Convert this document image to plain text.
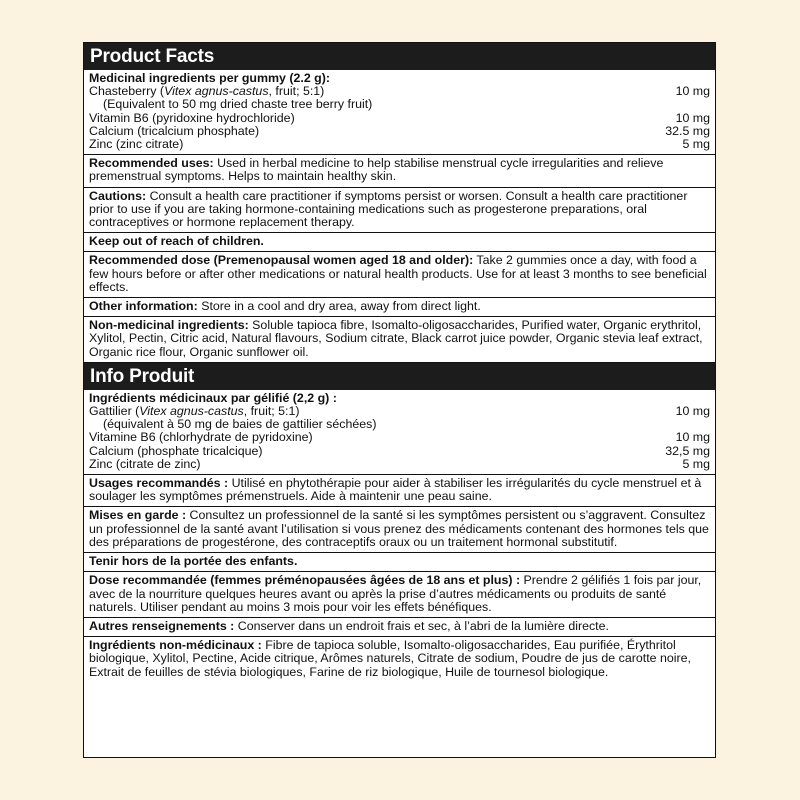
Product Facts
Medicinal ingredients per gummy (2.2 g):
Chasteberry (Vitex agnus-castus, fruit; 5:1)	10 mg
(Equivalent to 50 mg dried chaste tree berry fruit)
Vitamin B6 (pyridoxine hydrochloride)	10 mg
Calcium (tricalcium phosphate)	32.5 mg
Zinc (zinc citrate)	5 mg
Recommended uses: Used in herbal medicine to help stabilise menstrual cycle irregularities and relieve premenstrual symptoms. Helps to maintain healthy skin.
Cautions: Consult a health care practitioner if symptoms persist or worsen. Consult a health care practitioner prior to use if you are taking hormone-containing medications such as progesterone preparations, oral contraceptives or hormone replacement therapy.
Keep out of reach of children.
Recommended dose (Premenopausal women aged 18 and older): Take 2 gummies once a day, with food a few hours before or after other medications or natural health products. Use for at least 3 months to see beneficial effects.
Other information: Store in a cool and dry area, away from direct light.
Non-medicinal ingredients: Soluble tapioca fibre, Isomalto-oligosaccharides, Purified water, Organic erythritol, Xylitol, Pectin, Citric acid, Natural flavours, Sodium citrate, Black carrot juice powder, Organic stevia leaf extract, Organic rice flour, Organic sunflower oil.
Info Produit
Ingrédients médicinaux par gélifié (2,2 g) :
Gattilier (Vitex agnus-castus, fruit; 5:1)	10 mg
(équivalent à 50 mg de baies de gattilier séchées)
Vitamine B6 (chlorhydrate de pyridoxine)	10 mg
Calcium (phosphate tricalcique)	32,5 mg
Zinc (citrate de zinc)	5 mg
Usages recommandés : Utilisé en phytothérapie pour aider à stabiliser les irrégularités du cycle menstruel et à soulager les symptômes prémenstruels. Aide à maintenir une peau saine.
Mises en garde : Consultez un professionnel de la santé si les symptômes persistent ou s’aggravent. Consultez un professionnel de la santé avant l’utilisation si vous prenez des médicaments contenant des hormones tels que des préparations de progestérone, des contraceptifs oraux ou un traitement hormonal substitutif.
Tenir hors de la portée des enfants.
Dose recommandée (femmes préménopausées âgées de 18 ans et plus) : Prendre 2 gélifiés 1 fois par jour, avec de la nourriture quelques heures avant ou après la prise d’autres médicaments ou produits de santé naturels. Utiliser pendant au moins 3 mois pour voir les effets bénéfiques.
Autres renseignements : Conserver dans un endroit frais et sec, à l’abri de la lumière directe.
Ingrédients non-médicinaux : Fibre de tapioca soluble, Isomalto-oligosaccharides, Eau purifiée, Érythritol biologique, Xylitol, Pectine, Acide citrique, Arômes naturels, Citrate de sodium, Poudre de jus de carotte noire, Extrait de feuilles de stévia biologiques, Farine de riz biologique, Huile de tournesol biologique.
